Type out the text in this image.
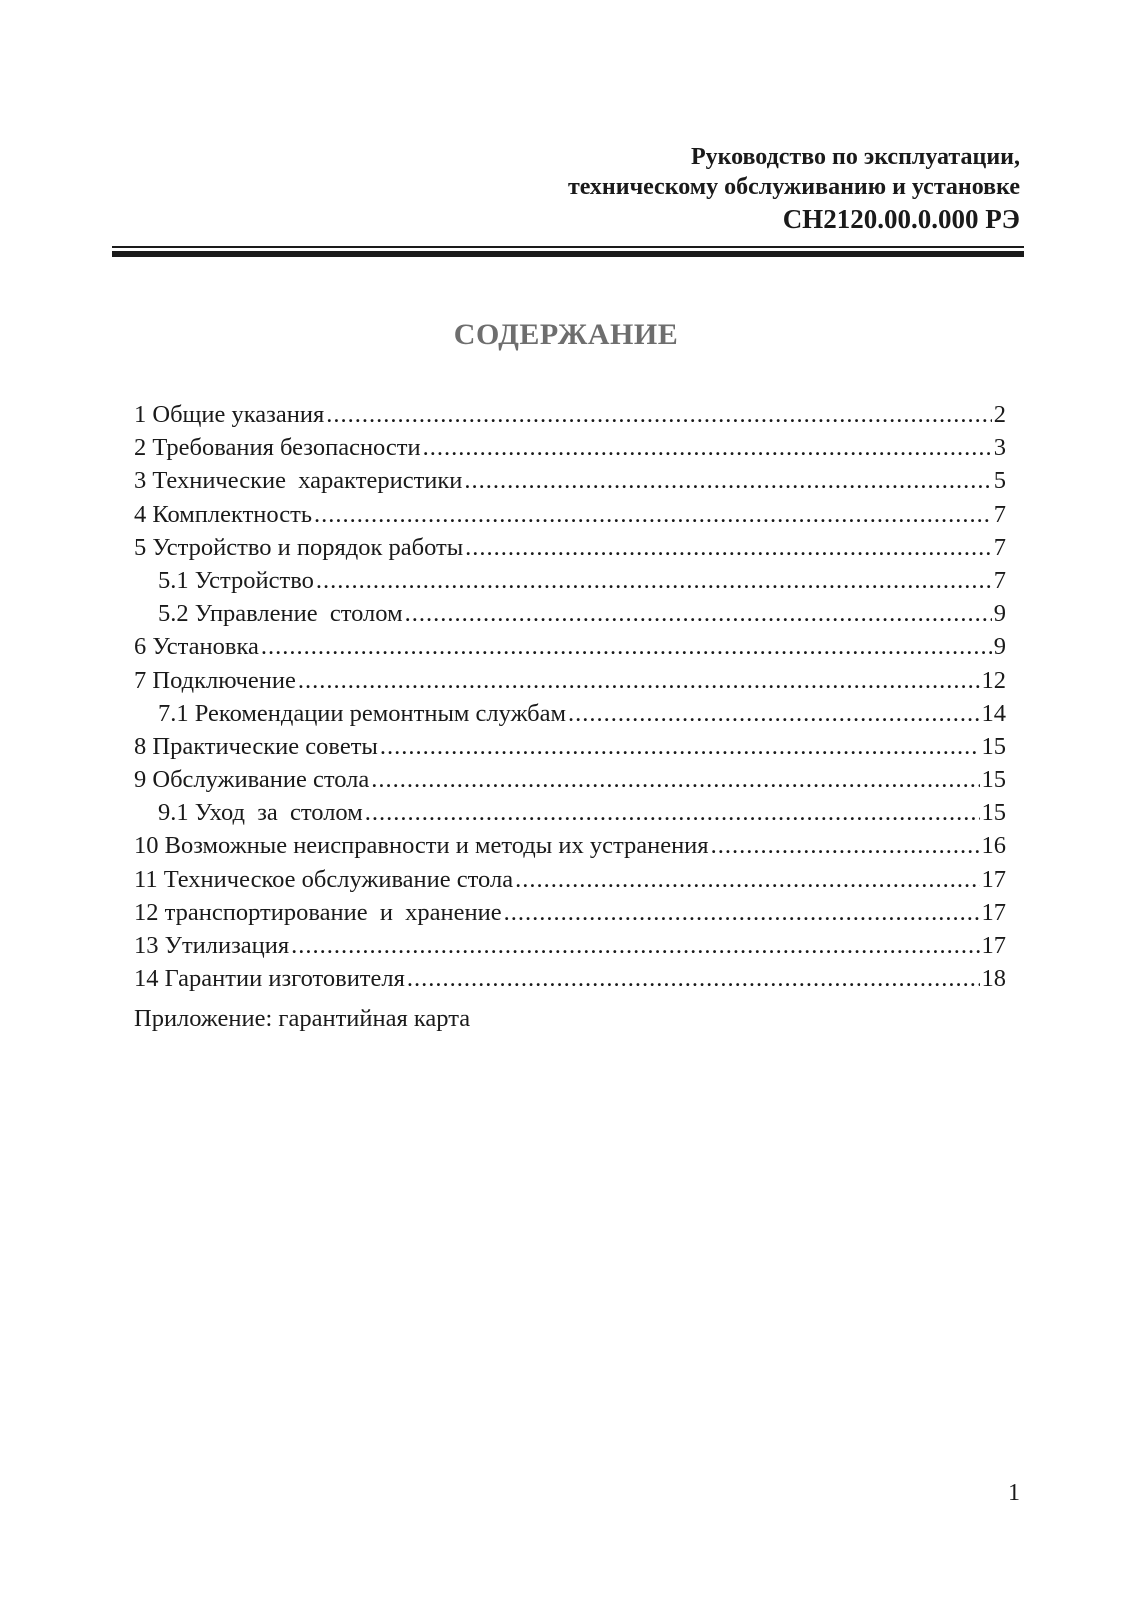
Руководство по эксплуатации,
техническому обслуживанию и установке
СН2120.00.0.000 РЭ
СОДЕРЖАНИЕ
1 Общие указания .....	2
2 Требования безопасности .....	3
3 Технические  характеристики .....	5
4 Комплектность .....	7
5 Устройство и порядок работы .....	7
5.1 Устройство .....	7
5.2 Управление  столом .....	9
6 Установка .....	9
7 Подключение .....	12
7.1 Рекомендации ремонтным службам .....	14
8 Практические советы .....	15
9 Обслуживание стола .....	15
9.1 Уход  за  столом .....	15
10 Возможные неисправности и методы их устранения .....	16
11 Техническое обслуживание стола .....	17
12 транспортирование  и  хранение .....	17
13 Утилизация .....	17
14 Гарантии изготовителя .....	18
Приложение: гарантийная карта
1
